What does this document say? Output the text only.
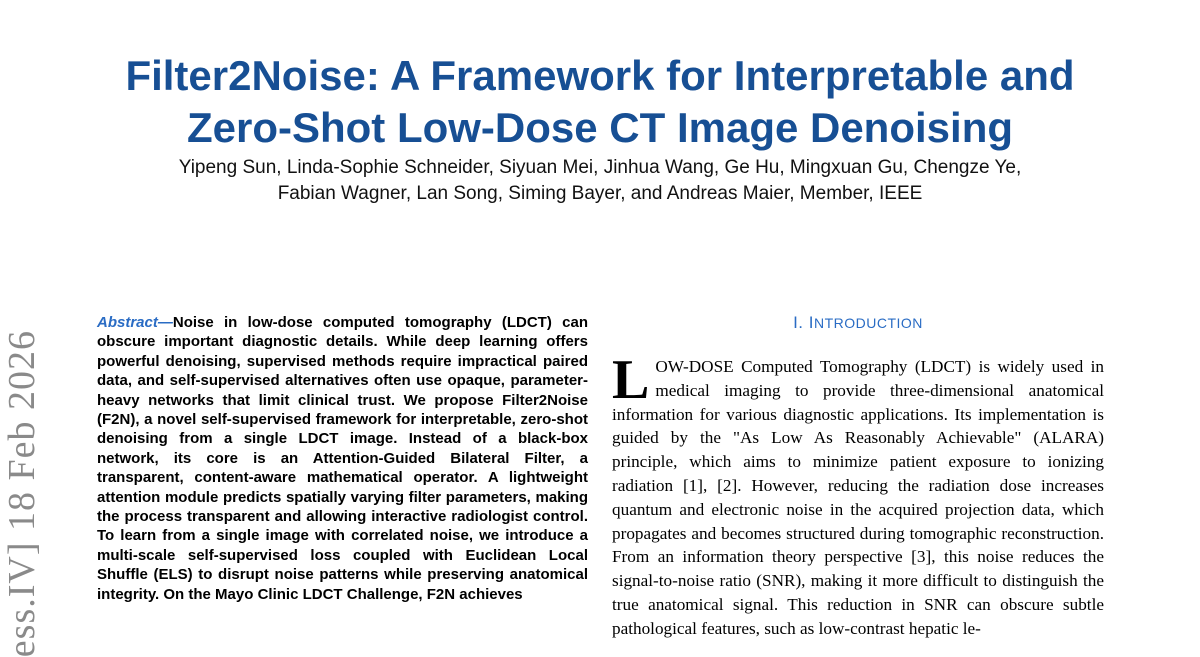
Filter2Noise: A Framework for Interpretable and
Zero-Shot Low-Dose CT Image Denoising
Yipeng Sun, Linda-Sophie Schneider, Siyuan Mei, Jinhua Wang, Ge Hu, Mingxuan Gu, Chengze Ye,
Fabian Wagner, Lan Song, Siming Bayer, and Andreas Maier, Member, IEEE
ess.IV] 18 Feb 2026
Abstract—Noise in low-dose computed tomography (LDCT) can obscure important diagnostic details. While deep learning offers powerful denoising, supervised methods require impractical paired data, and self-supervised alternatives often use opaque, parameter-heavy networks that limit clinical trust. We propose Filter2Noise (F2N), a novel self-supervised framework for interpretable, zero-shot denoising from a single LDCT image. Instead of a black-box network, its core is an Attention-Guided Bilateral Filter, a transparent, content-aware mathematical operator. A lightweight attention module predicts spatially varying filter parameters, making the process transparent and allowing interactive radiologist control. To learn from a single image with correlated noise, we introduce a multi-scale self-supervised loss coupled with Euclidean Local Shuffle (ELS) to disrupt noise patterns while preserving anatomical integrity. On the Mayo Clinic LDCT Challenge, F2N achieves
I. INTRODUCTION
LOW-DOSE Computed Tomography (LDCT) is widely used in medical imaging to provide three-dimensional anatomical information for various diagnostic applications. Its implementation is guided by the "As Low As Reasonably Achievable" (ALARA) principle, which aims to minimize patient exposure to ionizing radiation [1], [2]. However, reducing the radiation dose increases quantum and electronic noise in the acquired projection data, which propagates and becomes structured during tomographic reconstruction. From an information theory perspective [3], this noise reduces the signal-to-noise ratio (SNR), making it more difficult to distinguish the true anatomical signal. This reduction in SNR can obscure subtle pathological features, such as low-contrast hepatic le-
